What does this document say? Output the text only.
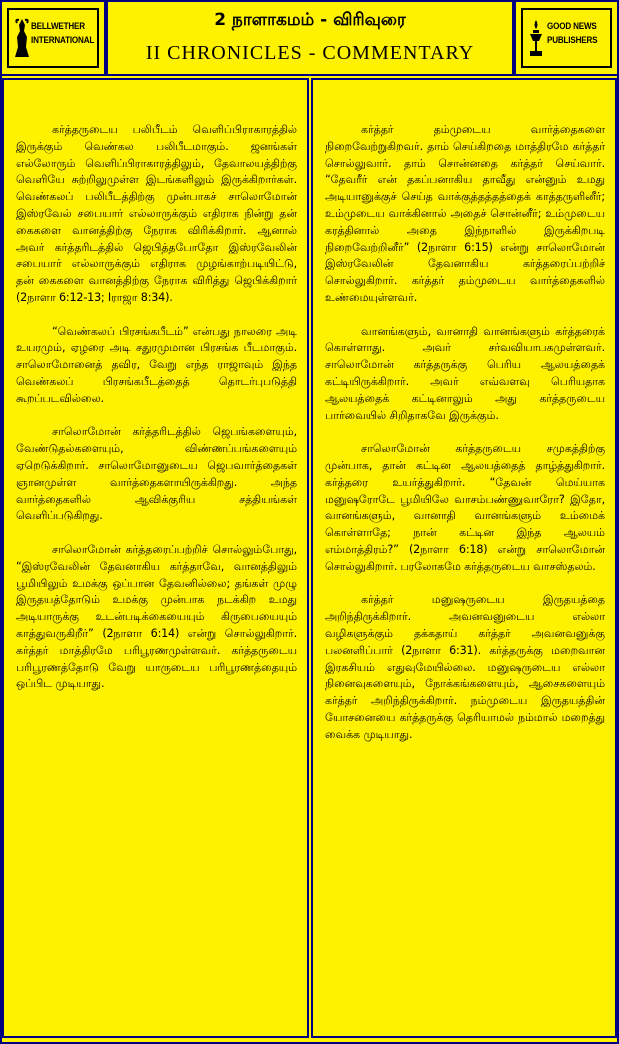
BELLWETHER
INTERNATIONAL
2 நாளாகமம் - விரிவுரை
II CHRONICLES - COMMENTARY
GOOD NEWS
PUBLISHERS

கர்த்தருடைய பலிபீடம் வெளிப்பிராகாரத்தில் இருக்கும் வெண்கல பலிபீடமாகும். ஜனங்கள் எல்லோரும் வெளிப்பிராகாரத்திலும், தேவாலயத்திற்கு வெளியே சுற்றிலுமுள்ள இடங்களிலும் இருக்கிறார்கள். வெண்கலப் பலிபீடத்திற்கு முன்பாகச் சாலொமோன் இஸ்ரவேல் சபையார் எல்லாருக்கும் எதிராக நின்று தன் கைகளை வானத்திற்கு நேராக விரிக்கிறார். ஆனால் அவர் கர்த்தரிடத்தில் ஜெபித்தபோதோ இஸ்ரவேலின் சபையார் எல்லாருக்கும் எதிராக முழங்காற்படியிட்டு, தன் கைகளை வானத்திற்கு நேராக விரித்து ஜெபிக்கிறார் (2நாளா 6:12-13; Iராஜா 8:34).

“வெண்கலப் பிரசங்கபீடம்” என்பது நாலரை அடி உயரமும், ஏழரை அடி சதுரமுமான பிரசங்க பீடமாகும். சாலொமோனைத் தவிர, வேறு எந்த ராஜாவும் இந்த வெண்கலப் பிரசங்கபீடத்தைத் தொடர்புபடுத்தி கூறப்படவில்லை.

சாலொமோன் கர்த்தரிடத்தில் ஜெபங்களையும், வேண்டுதல்களையும், விண்ணப்பங்களையும் ஏறெடுக்கிறார். சாலொமோனுடைய ஜெபவார்த்தைகள் ஞானமுள்ள வார்த்தைகளாயிருக்கிறது. அந்த வார்த்தைகளில் ஆவிக்குரிய சத்தியங்கள் வெளிப்படுகிறது.

சாலொமோன் கர்த்தரைப்பற்றிச் சொல்லும்போது, “இஸ்ரவேலின் தேவனாகிய கர்த்தாவே, வானத்திலும் பூமியிலும் உமக்கு ஒப்பான தேவனில்லை; தங்கள் முழு இருதயத்தோடும் உமக்கு முன்பாக நடக்கிற உமது அடியாருக்கு உடன்படிக்கையையும் கிருபையையும் காத்துவருகிறீர்” (2நாளா 6:14) என்று சொல்லுகிறார். கர்த்தர் மாத்திரமே பரிபூரணமுள்ளவர். கர்த்தருடைய பரிபூரணத்தோடு வேறு யாருடைய பரிபூரணத்தையும் ஒப்பிட முடியாது.

கர்த்தர் தம்முடைய வார்த்தைகளை நிறைவேற்றுகிறவர். தாம் செய்கிறதை மாத்திரமே கர்த்தர் சொல்லுவார். தாம் சொன்னதை கர்த்தர் செய்வார். “தேவரீர் என் தகப்பனாகிய தாவீது என்னும் உமது அடியானுக்குச் செய்த வாக்குத்தத்தத்தைக் காத்தருளினீர்; உம்முடைய வாக்கினால் அதைச் சொன்னீர்; உம்முடைய கரத்தினால் அதை இந்நாளில் இருக்கிறபடி நிறைவேற்றினீர்” (2நாளா 6:15) என்று சாலொமோன் இஸ்ரவேலின் தேவனாகிய கர்த்தரைப்பற்றிச் சொல்லுகிறார். கர்த்தர் தம்முடைய வார்த்தைகளில் உண்மையுள்ளவர்.

வானங்களும், வானாதி வானங்களும் கர்த்தரைக் கொள்ளாது. அவர் சர்வவியாபகமுள்ளவர். சாலொமோன் கர்த்தருக்கு பெரிய ஆலயத்தைக் கட்டியிருக்கிறார். அவர் எவ்வளவு பெரியதாக ஆலயத்தைக் கட்டினாலும் அது கர்த்தருடைய பார்வையில் சிறிதாகவே இருக்கும்.

சாலொமோன் கர்த்தருடைய சமுகத்திற்கு முன்பாக, தான் கட்டின ஆலயத்தைத் தாழ்த்துகிறார். கர்த்தரை உயர்த்துகிறார். “தேவன் மெய்யாக மனுஷரோடே பூமியிலே வாசம்பண்ணுவாரோ? இதோ, வானங்களும், வானாதி வானங்களும் உம்மைக் கொள்ளாதே; நான் கட்டின இந்த ஆலயம் எம்மாத்திரம்?” (2நாளா 6:18) என்று சாலொமோன் சொல்லுகிறார். பரலோகமே கர்த்தருடைய வாசஸ்தலம்.

கர்த்தர் மனுஷருடைய இருதயத்தை அறிந்திருக்கிறார். அவனவனுடைய எல்லா வழிகளுக்கும் தக்கதாய் கர்த்தர் அவனவனுக்கு பலனளிப்பார் (2நாளா 6:31). கர்த்தருக்கு மறைவான இரகசியம் எதுவுமேயில்லை. மனுஷருடைய எல்லா நினைவுகளையும், நோக்கங்களையும், ஆசைகளையும் கர்த்தர் அறிந்திருக்கிறார். நம்முடைய இருதயத்தின் யோசனையை கர்த்தருக்கு தெரியாமல் நம்மால் மறைத்து வைக்க முடியாது.
